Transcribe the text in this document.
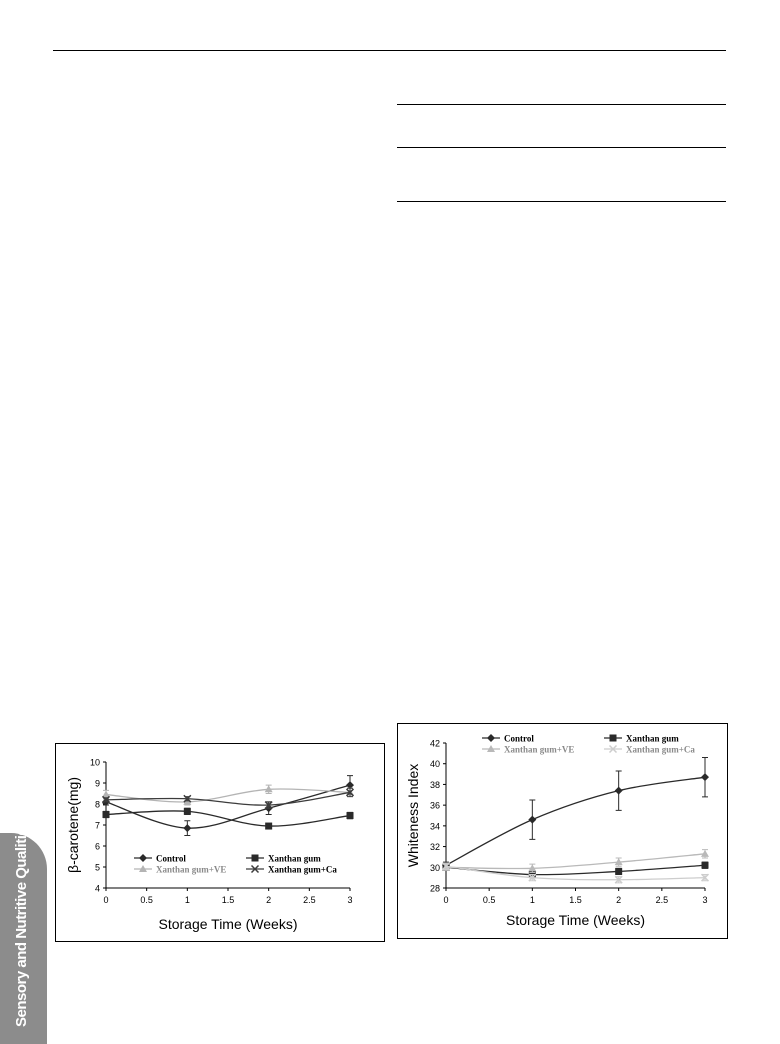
Sensory and Nutritive Qualities of Food	4
5
6
7
8
9
10
0	0.5	1	1.5	2	2.5	3
Storage Time (Weeks)
β-carotene(mg)	Control	Xanthan gum
Xanthan gum+VE	Xanthan gum+Ca
28
30
32
34
36
38
40
42
0	0.5	1	1.5	2	2.5	3
Storage Time (Weeks)
Whiteness Index
Control	Xanthan gum
Xanthan gum+VE	Xanthan gum+Ca
